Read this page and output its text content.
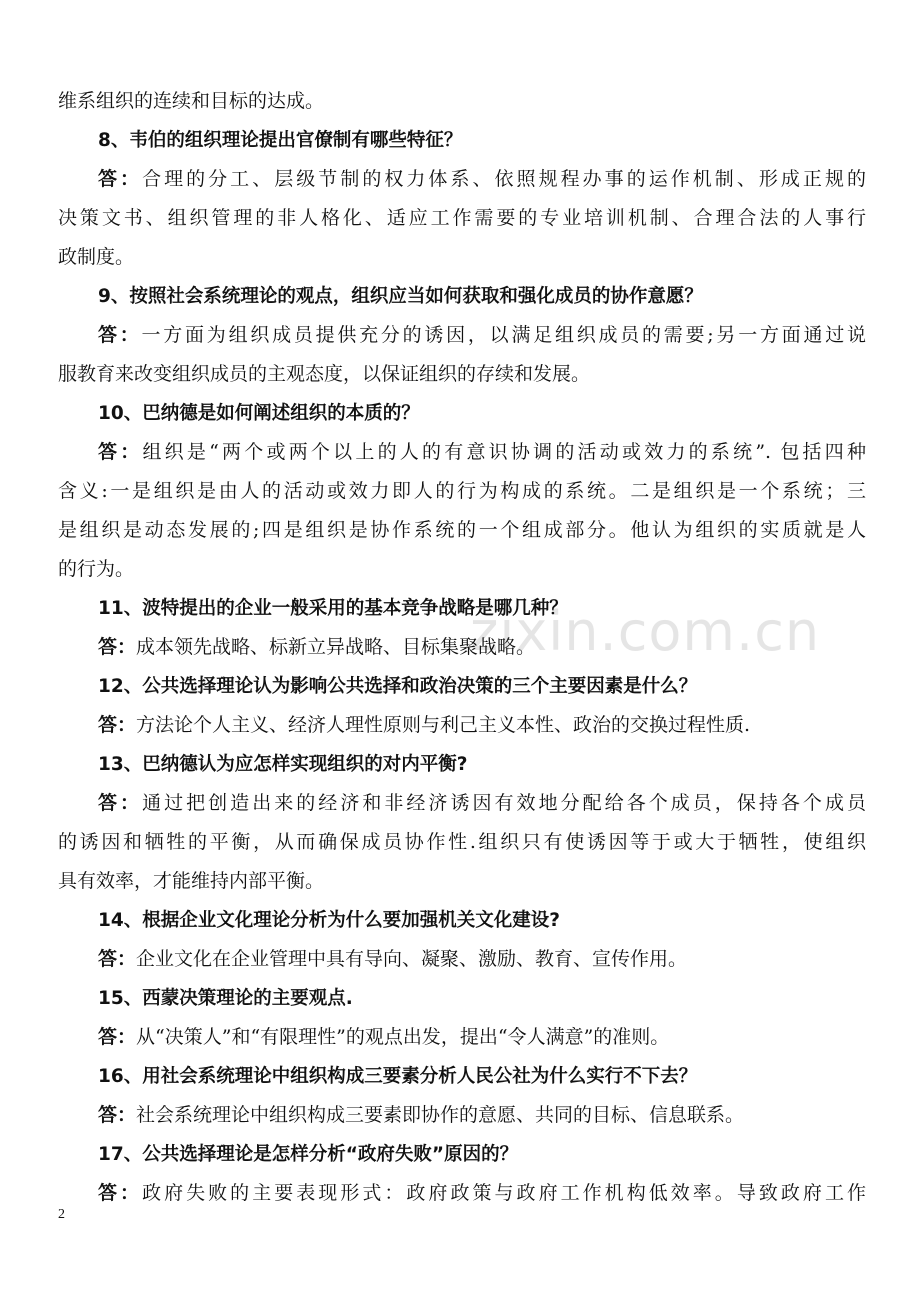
维系组织的连续和目标的达成。
8、韦伯的组织理论提出官僚制有哪些特征？
答：合理的分工、层级节制的权力体系、依照规程办事的运作机制、形成正规的
决策文书、组织管理的非人格化、适应工作需要的专业培训机制、合理合法的人事行
政制度。
9、按照社会系统理论的观点，组织应当如何获取和强化成员的协作意愿？
答：一方面为组织成员提供充分的诱因，以满足组织成员的需要;另一方面通过说
服教育来改变组织成员的主观态度，以保证组织的存续和发展。
10、巴纳德是如何阐述组织的本质的？
答：组织是“两个或两个以上的人的有意识协调的活动或效力的系统”. 包括四种
含义:一是组织是由人的活动或效力即人的行为构成的系统。二是组织是一个系统；三
是组织是动态发展的;四是组织是协作系统的一个组成部分。他认为组织的实质就是人
的行为。
11、波特提出的企业一般采用的基本竞争战略是哪几种？
答：成本领先战略、标新立异战略、目标集聚战略。
12、公共选择理论认为影响公共选择和政治决策的三个主要因素是什么？
答：方法论个人主义、经济人理性原则与利己主义本性、政治的交换过程性质.
13、巴纳德认为应怎样实现组织的对内平衡?
答：通过把创造出来的经济和非经济诱因有效地分配给各个成员，保持各个成员
的诱因和牺牲的平衡，从而确保成员协作性.组织只有使诱因等于或大于牺牲，使组织
具有效率，才能维持内部平衡。
14、根据企业文化理论分析为什么要加强机关文化建设?
答：企业文化在企业管理中具有导向、凝聚、激励、教育、宣传作用。
15、西蒙决策理论的主要观点.
答：从“决策人”和“有限理性”的观点出发，提出“令人满意”的准则。
16、用社会系统理论中组织构成三要素分析人民公社为什么实行不下去？
答：社会系统理论中组织构成三要素即协作的意愿、共同的目标、信息联系。
17、公共选择理论是怎样分析“政府失败”原因的？
答：政府失败的主要表现形式：政府政策与政府工作机构低效率。导致政府工作
zixin.com.cn
2
